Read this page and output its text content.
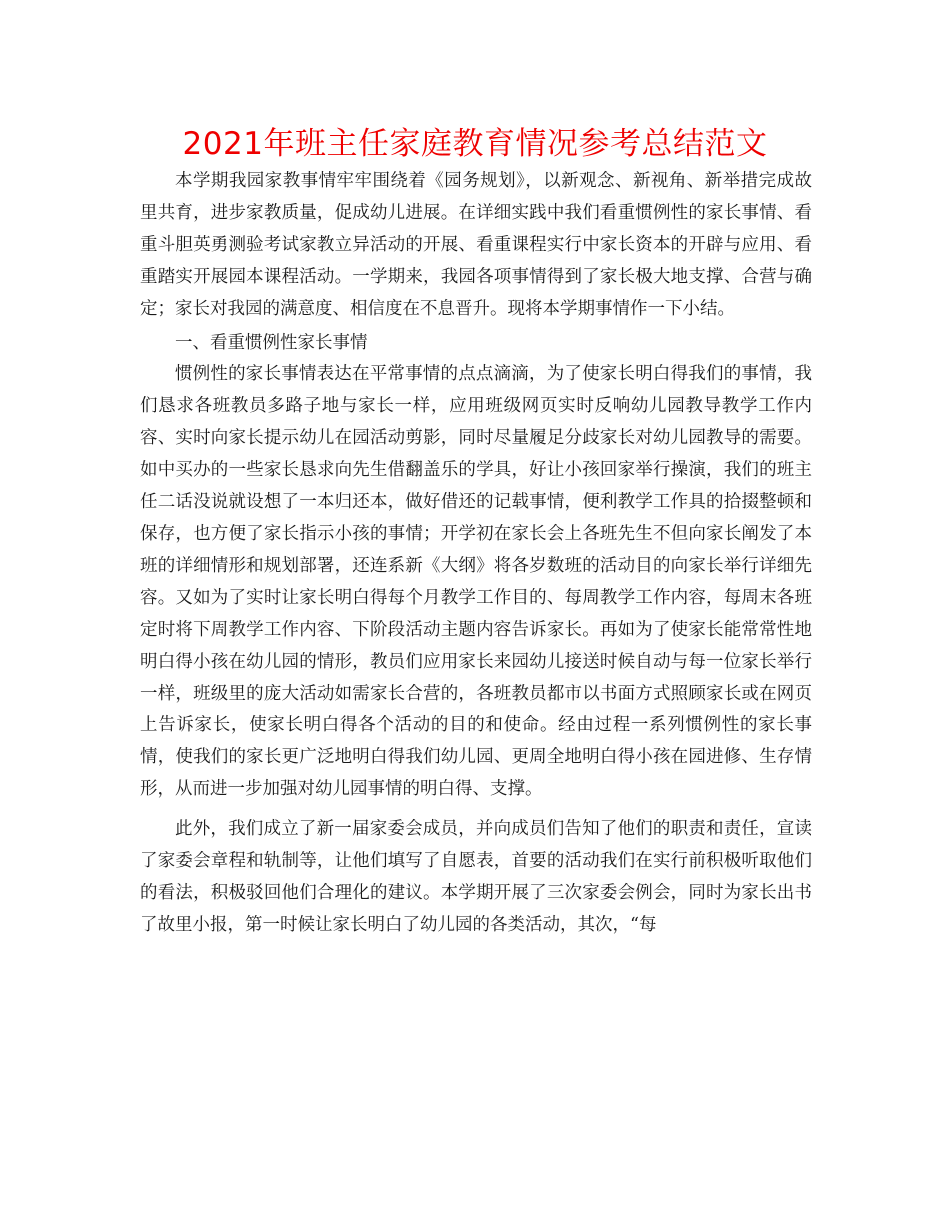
2021年班主任家庭教育情况参考总结范文

本学期我园家教事情牢牢围绕着《园务规划》，以新观念、新视角、新举措完成故里共育，进步家教质量，促成幼儿进展。在详细实践中我们看重惯例性的家长事情、看重斗胆英勇测验考试家教立异活动的开展、看重课程实行中家长资本的开辟与应用、看重踏实开展园本课程活动。一学期来，我园各项事情得到了家长极大地支撑、合营与确定；家长对我园的满意度、相信度在不息晋升。现将本学期事情作一下小结。

一、看重惯例性家长事情

惯例性的家长事情表达在平常事情的点点滴滴，为了使家长明白得我们的事情，我们恳求各班教员多路子地与家长一样，应用班级网页实时反响幼儿园教导教学工作内容、实时向家长提示幼儿在园活动剪影，同时尽量履足分歧家长对幼儿园教导的需要。如中买办的一些家长恳求向先生借翻盖乐的学具，好让小孩回家举行操演，我们的班主任二话没说就设想了一本归还本，做好借还的记载事情，便利教学工作具的拾掇整顿和保存，也方便了家长指示小孩的事情；开学初在家长会上各班先生不但向家长阐发了本班的详细情形和规划部署，还连系新《大纲》将各岁数班的活动目的向家长举行详细先容。又如为了实时让家长明白得每个月教学工作目的、每周教学工作内容，每周末各班定时将下周教学工作内容、下阶段活动主题内容告诉家长。再如为了使家长能常常性地明白得小孩在幼儿园的情形，教员们应用家长来园幼儿接送时候自动与每一位家长举行一样，班级里的庞大活动如需家长合营的，各班教员都市以书面方式照顾家长或在网页上告诉家长，使家长明白得各个活动的目的和使命。经由过程一系列惯例性的家长事情，使我们的家长更广泛地明白得我们幼儿园、更周全地明白得小孩在园进修、生存情形，从而进一步加强对幼儿园事情的明白得、支撑。

此外，我们成立了新一届家委会成员，并向成员们告知了他们的职责和责任，宣读了家委会章程和轨制等，让他们填写了自愿表，首要的活动我们在实行前积极听取他们的看法，积极驳回他们合理化的建议。本学期开展了三次家委会例会，同时为家长出书了故里小报，第一时候让家长明白了幼儿园的各类活动，其次，“每
